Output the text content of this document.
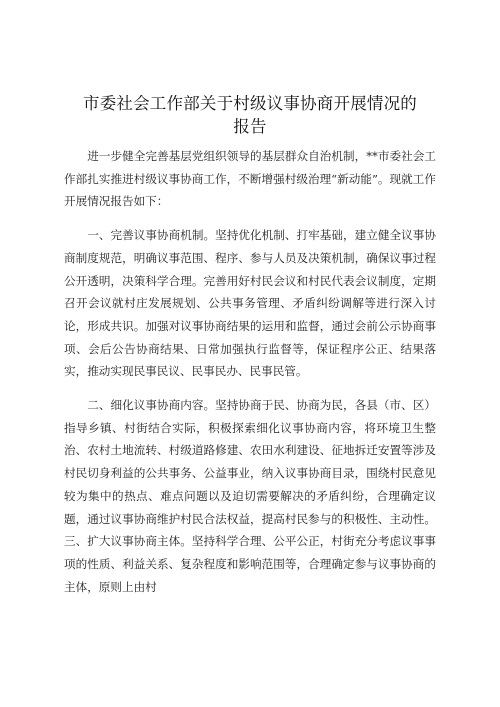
市委社会工作部关于村级议事协商开展情况的
报告

进一步健全完善基层党组织领导的基层群众自治机制，**市委社会工作部扎实推进村级议事协商工作，不断增强村级治理“新动能”。现就工作开展情况报告如下：

一、完善议事协商机制。坚持优化机制、打牢基础，建立健全议事协商制度规范，明确议事范围、程序、参与人员及决策机制，确保议事过程公开透明，决策科学合理。完善用好村民会议和村民代表会议制度，定期召开会议就村庄发展规划、公共事务管理、矛盾纠纷调解等进行深入讨论，形成共识。加强对议事协商结果的运用和监督，通过会前公示协商事项、会后公告协商结果、日常加强执行监督等，保证程序公正、结果落实，推动实现民事民议、民事民办、民事民管。

二、细化议事协商内容。坚持协商于民、协商为民，各县（市、区）指导乡镇、村街结合实际，积极探索细化议事协商内容，将环境卫生整治、农村土地流转、村级道路修建、农田水利建设、征地拆迁安置等涉及村民切身利益的公共事务、公益事业，纳入议事协商目录，围绕村民意见较为集中的热点、难点问题以及迫切需要解决的矛盾纠纷，合理确定议题，通过议事协商维护村民合法权益，提高村民参与的积极性、主动性。三、扩大议事协商主体。坚持科学合理、公平公正，村街充分考虑议事事项的性质、利益关系、复杂程度和影响范围等，合理确定参与议事协商的主体，原则上由村
